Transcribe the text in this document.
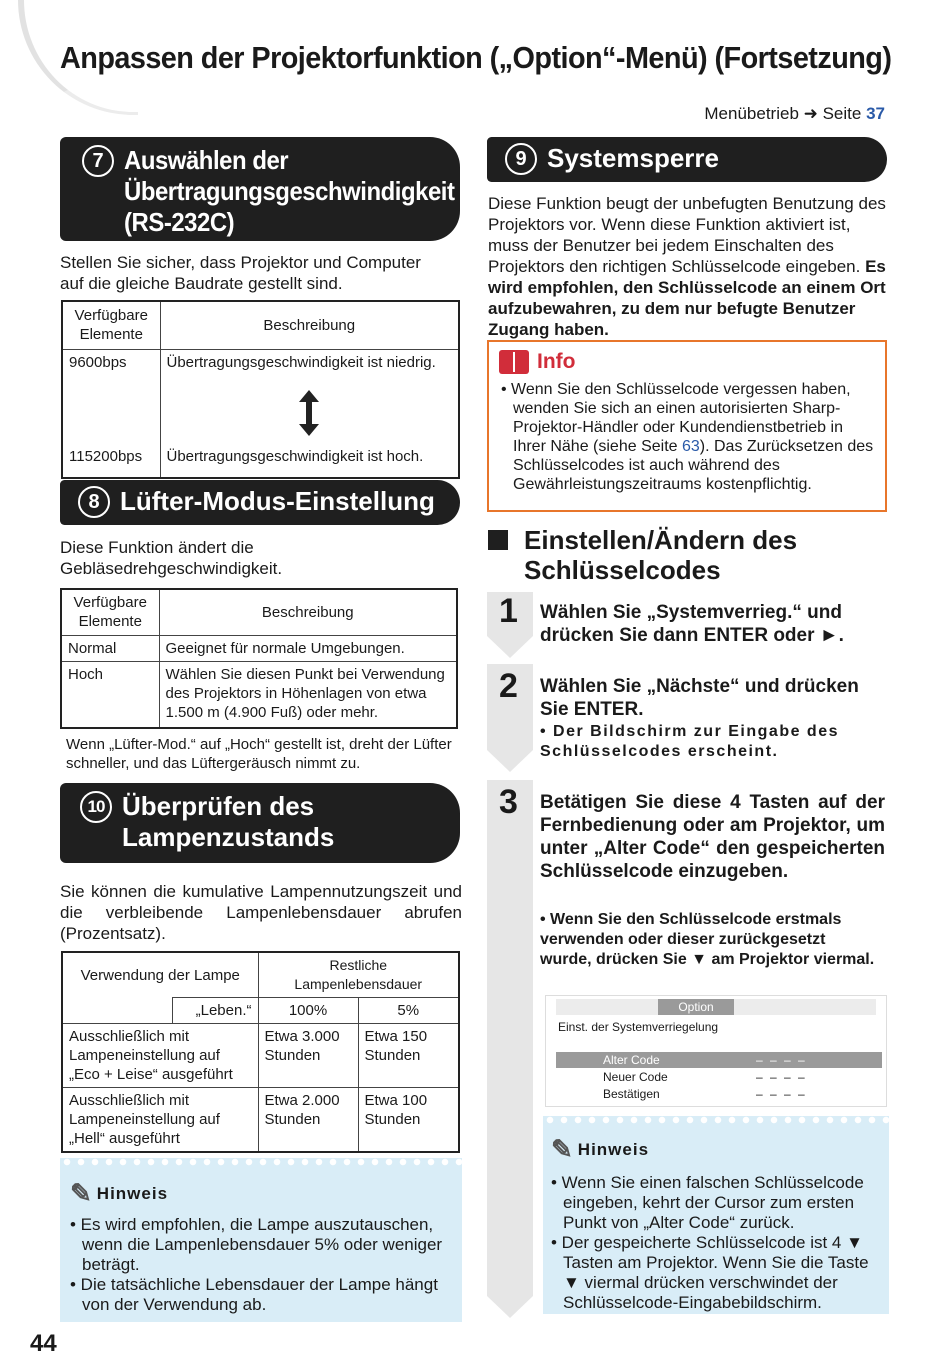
Anpassen der Projektorfunktion („Option“-Menü) (Fortsetzung)
Menübetrieb ➜ Seite 37
7 Auswählen der
Übertragungsgeschwindigkeit
(RS-232C)
Stellen Sie sicher, dass Projektor und Computer
auf die gleiche Baudrate gestellt sind.
Verfügbare Elemente	Beschreibung
9600bps	Übertragungsgeschwindigkeit ist niedrig.

115200bps	Übertragungsgeschwindigkeit ist hoch.
8 Lüfter-Modus-Einstellung
Diese Funktion ändert die
Gebläsedrehgeschwindigkeit.
Verfügbare Elemente	Beschreibung
Normal	Geeignet für normale Umgebungen.
Hoch	Wählen Sie diesen Punkt bei Verwendung des Projektors in Höhenlagen von etwa 1.500 m (4.900 Fuß) oder mehr.
Wenn „Lüfter-Mod.“ auf „Hoch“ gestellt ist, dreht der Lüfter schneller, und das Lüftergeräusch nimmt zu.
10 Überprüfen des
Lampenzustands
Sie können die kumulative Lampennutzungszeit und die verbleibende Lampenlebensdauer abrufen (Prozentsatz).
Verwendung der Lampe		Restliche Lampenlebensdauer	
	„Leben.“	100%	5%
Ausschließlich mit Lampeneinstellung auf „Eco + Leise“ ausgeführt		Etwa 3.000 Stunden	Etwa 150 Stunden
Ausschließlich mit Lampeneinstellung auf „Hell“ ausgeführt		Etwa 2.000 Stunden	Etwa 100 Stunden
✎ Hinweis
• Es wird empfohlen, die Lampe auszutauschen, wenn die Lampenlebensdauer 5% oder weniger beträgt.
• Die tatsächliche Lebensdauer der Lampe hängt von der Verwendung ab.
9 Systemsperre
Diese Funktion beugt der unbefugten Benutzung des Projektors vor. Wenn diese Funktion aktiviert ist, muss der Benutzer bei jedem Einschalten des Projektors den richtigen Schlüsselcode eingeben. Es wird empfohlen, den Schlüsselcode an einem Ort aufzubewahren, zu dem nur befugte Benutzer Zugang haben.
Info
• Wenn Sie den Schlüsselcode vergessen haben, wenden Sie sich an einen autorisierten Sharp-Projektor-Händler oder Kundendienstbetrieb in Ihrer Nähe (siehe Seite 63). Das Zurücksetzen des Schlüsselcodes ist auch während des Gewährleistungszeitraums kostenpflichtig.
Einstellen/Ändern des
Schlüsselcodes
1 Wählen Sie „Systemverrieg.“ und drücken Sie dann ENTER oder ►.
2 Wählen Sie „Nächste“ und drücken Sie ENTER.
• Der Bildschirm zur Eingabe des Schlüsselcodes erscheint.
3 Betätigen Sie diese 4 Tasten auf der Fernbedienung oder am Projektor, um unter „Alter Code“ den gespeicherten Schlüsselcode einzugeben.
• Wenn Sie den Schlüsselcode erstmals verwenden oder dieser zurückgesetzt wurde, drücken Sie ▼ am Projektor viermal.
Option
Einst. der Systemverriegelung
Alter Code	– – – –
Neuer Code	– – – –
Bestätigen	– – – –
✎ Hinweis
• Wenn Sie einen falschen Schlüsselcode eingeben, kehrt der Cursor zum ersten Punkt von „Alter Code“ zurück.
• Der gespeicherte Schlüsselcode ist 4 ▼ Tasten am Projektor. Wenn Sie die Taste ▼ viermal drücken verschwindet der Schlüsselcode-Eingabebildschirm.
44
